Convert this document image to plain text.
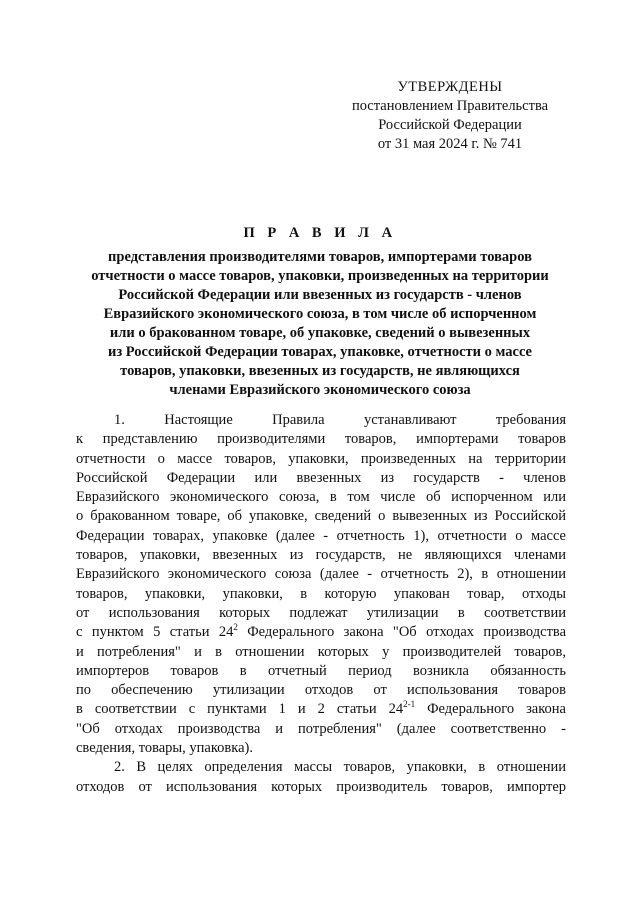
УТВЕРЖДЕНЫ
постановлением Правительства
Российской Федерации
от 31 мая 2024 г. № 741
П Р А В И Л А
представления производителями товаров, импортерами товаров
отчетности о массе товаров, упаковки, произведенных на территории
Российской Федерации или ввезенных из государств - членов
Евразийского экономического союза, в том числе об испорченном
или о бракованном товаре, об упаковке, сведений о вывезенных
из Российской Федерации товарах, упаковке, отчетности о массе
товаров, упаковки, ввезенных из государств, не являющихся
членами Евразийского экономического союза
1. Настоящие Правила устанавливают требования
к представлению производителями товаров, импортерами товаров
отчетности о массе товаров, упаковки, произведенных на территории
Российской Федерации или ввезенных из государств - членов
Евразийского экономического союза, в том числе об испорченном или
о бракованном товаре, об упаковке, сведений о вывезенных из Российской
Федерации товарах, упаковке (далее - отчетность 1), отчетности о массе
товаров, упаковки, ввезенных из государств, не являющихся членами
Евразийского экономического союза (далее - отчетность 2), в отношении
товаров, упаковки, упаковки, в которую упакован товар, отходы
от использования которых подлежат утилизации в соответствии
с пунктом 5 статьи $24^2$ Федерального закона "Об отходах производства
и потребления" и в отношении которых у производителей товаров,
импортеров товаров в отчетный период возникла обязанность
по обеспечению утилизации отходов от использования товаров
в соответствии с пунктами 1 и 2 статьи 24$^{2-1}$ Федерального закона
"Об отходах производства и потребления" (далее соответственно -
сведения, товары, упаковка).
2. В целях определения массы товаров, упаковки, в отношении
отходов от использования которых производитель товаров, импортер
